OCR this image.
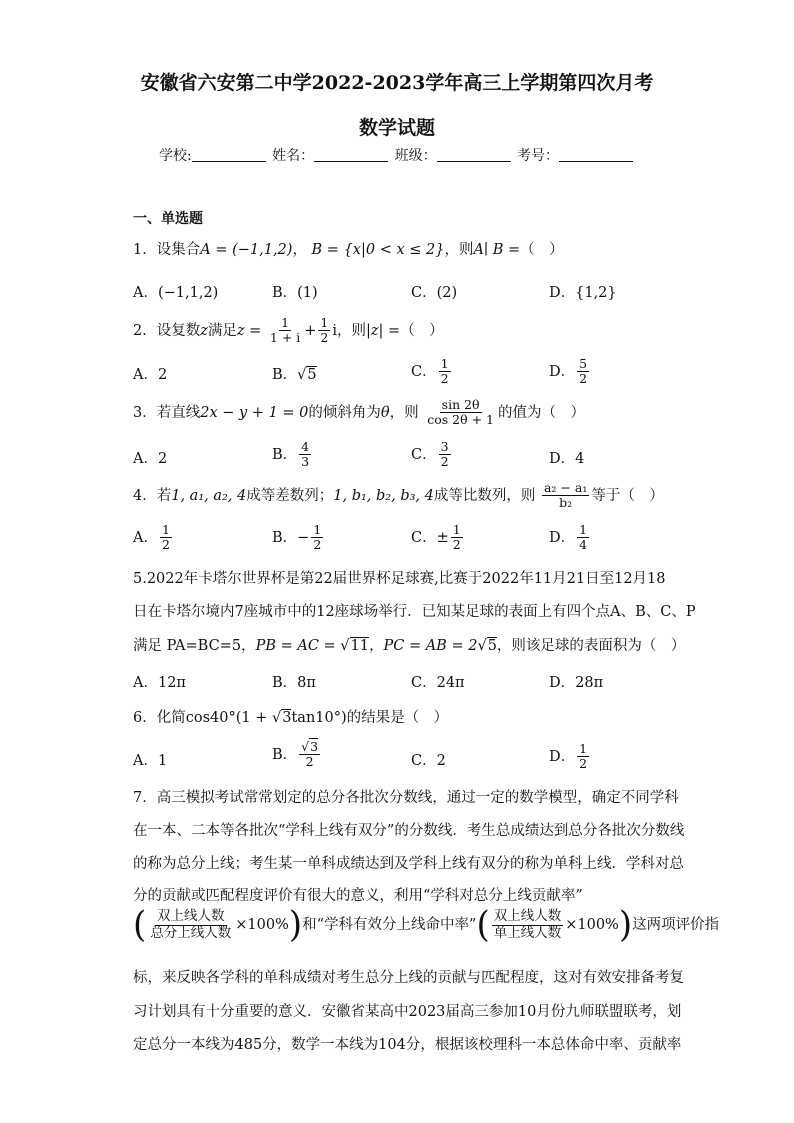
安徽省六安第二中学2022-2023学年高三上学期第四次月考
数学试题
学校:	姓名：	班级：	考号：
一、单选题
1．设集合A = (−1,1,2)， B = {x|0 < x ≤ 2}，则A∣ B =（　）
A．(−1,1,2)	B．(1)	C．(2)	D．{1,2}
2．设复数z满足$z = \frac{1}{1 + i} + \frac{1}{2}$ i，则|z| =（　）
A．2	B．√5	C． $\frac{1}{2}$	D． $\frac{5}{2}$
3．若直线2x − y + 1 = 0的倾斜角为θ，则 $\frac{\sin 2\theta}{\cos 2\theta + 1}$ 的值为（　）
A．2	B． $\frac{4}{3}$	C． $\frac{3}{2}$	D．4
4．若1, a₁, a₂, 4成等差数列；1, b₁, b₂, b₃, 4成等比数列，则 $\frac{\text{a₂ − a₁}}{\text{b₂}}$ 等于（　）
A． $\frac{1}{2}$	B．− $\frac{1}{2}$	C．± $\frac{1}{2}$	D． $\frac{1}{4}$
5.2022年卡塔尔世界杯是第22届世界杯足球赛,比赛于2022年11月21日至12月18
日在卡塔尔境内7座城市中的12座球场举行．已知某足球的表面上有四个点A、B、C、P
满足 PA=BC=5，PB = AC = √11，PC = AB = 2√5，则该足球的表面积为（　）
A．12π	B．8π	C．24π	D．28π
6．化简cos40°(1 + √3tan10°)的结果是（　）
A．1	B． $\frac{√3}{2}$	C．2	D． $\frac{1}{2}$
7．高三模拟考试常常划定的总分各批次分数线，通过一定的数学模型，确定不同学科
在一本、二本等各批次“学科上线有双分”的分数线．考生总成绩达到总分各批次分数线
的称为总分上线；考生某一单科成绩达到及学科上线有双分的称为单科上线．学科对总
分的贡献或匹配程度评价有很大的意义，利用“学科对总分上线贡献率”
( $\frac{\text{双上线人数}}{\text{总分上线人数}} \times 100\%$)和“学科有效分上线命中率”( $\frac{\text{双上线人数}}{\text{单上线人数}} \times 100\%$)这两项评价指
标，来反映各学科的单科成绩对考生总分上线的贡献与匹配程度，这对有效安排备考复
习计划具有十分重要的意义．安徽省某高中2023届高三参加10月份九师联盟联考，划
定总分一本线为485分，数学一本线为104分，根据该校理科一本总体命中率、贡献率
